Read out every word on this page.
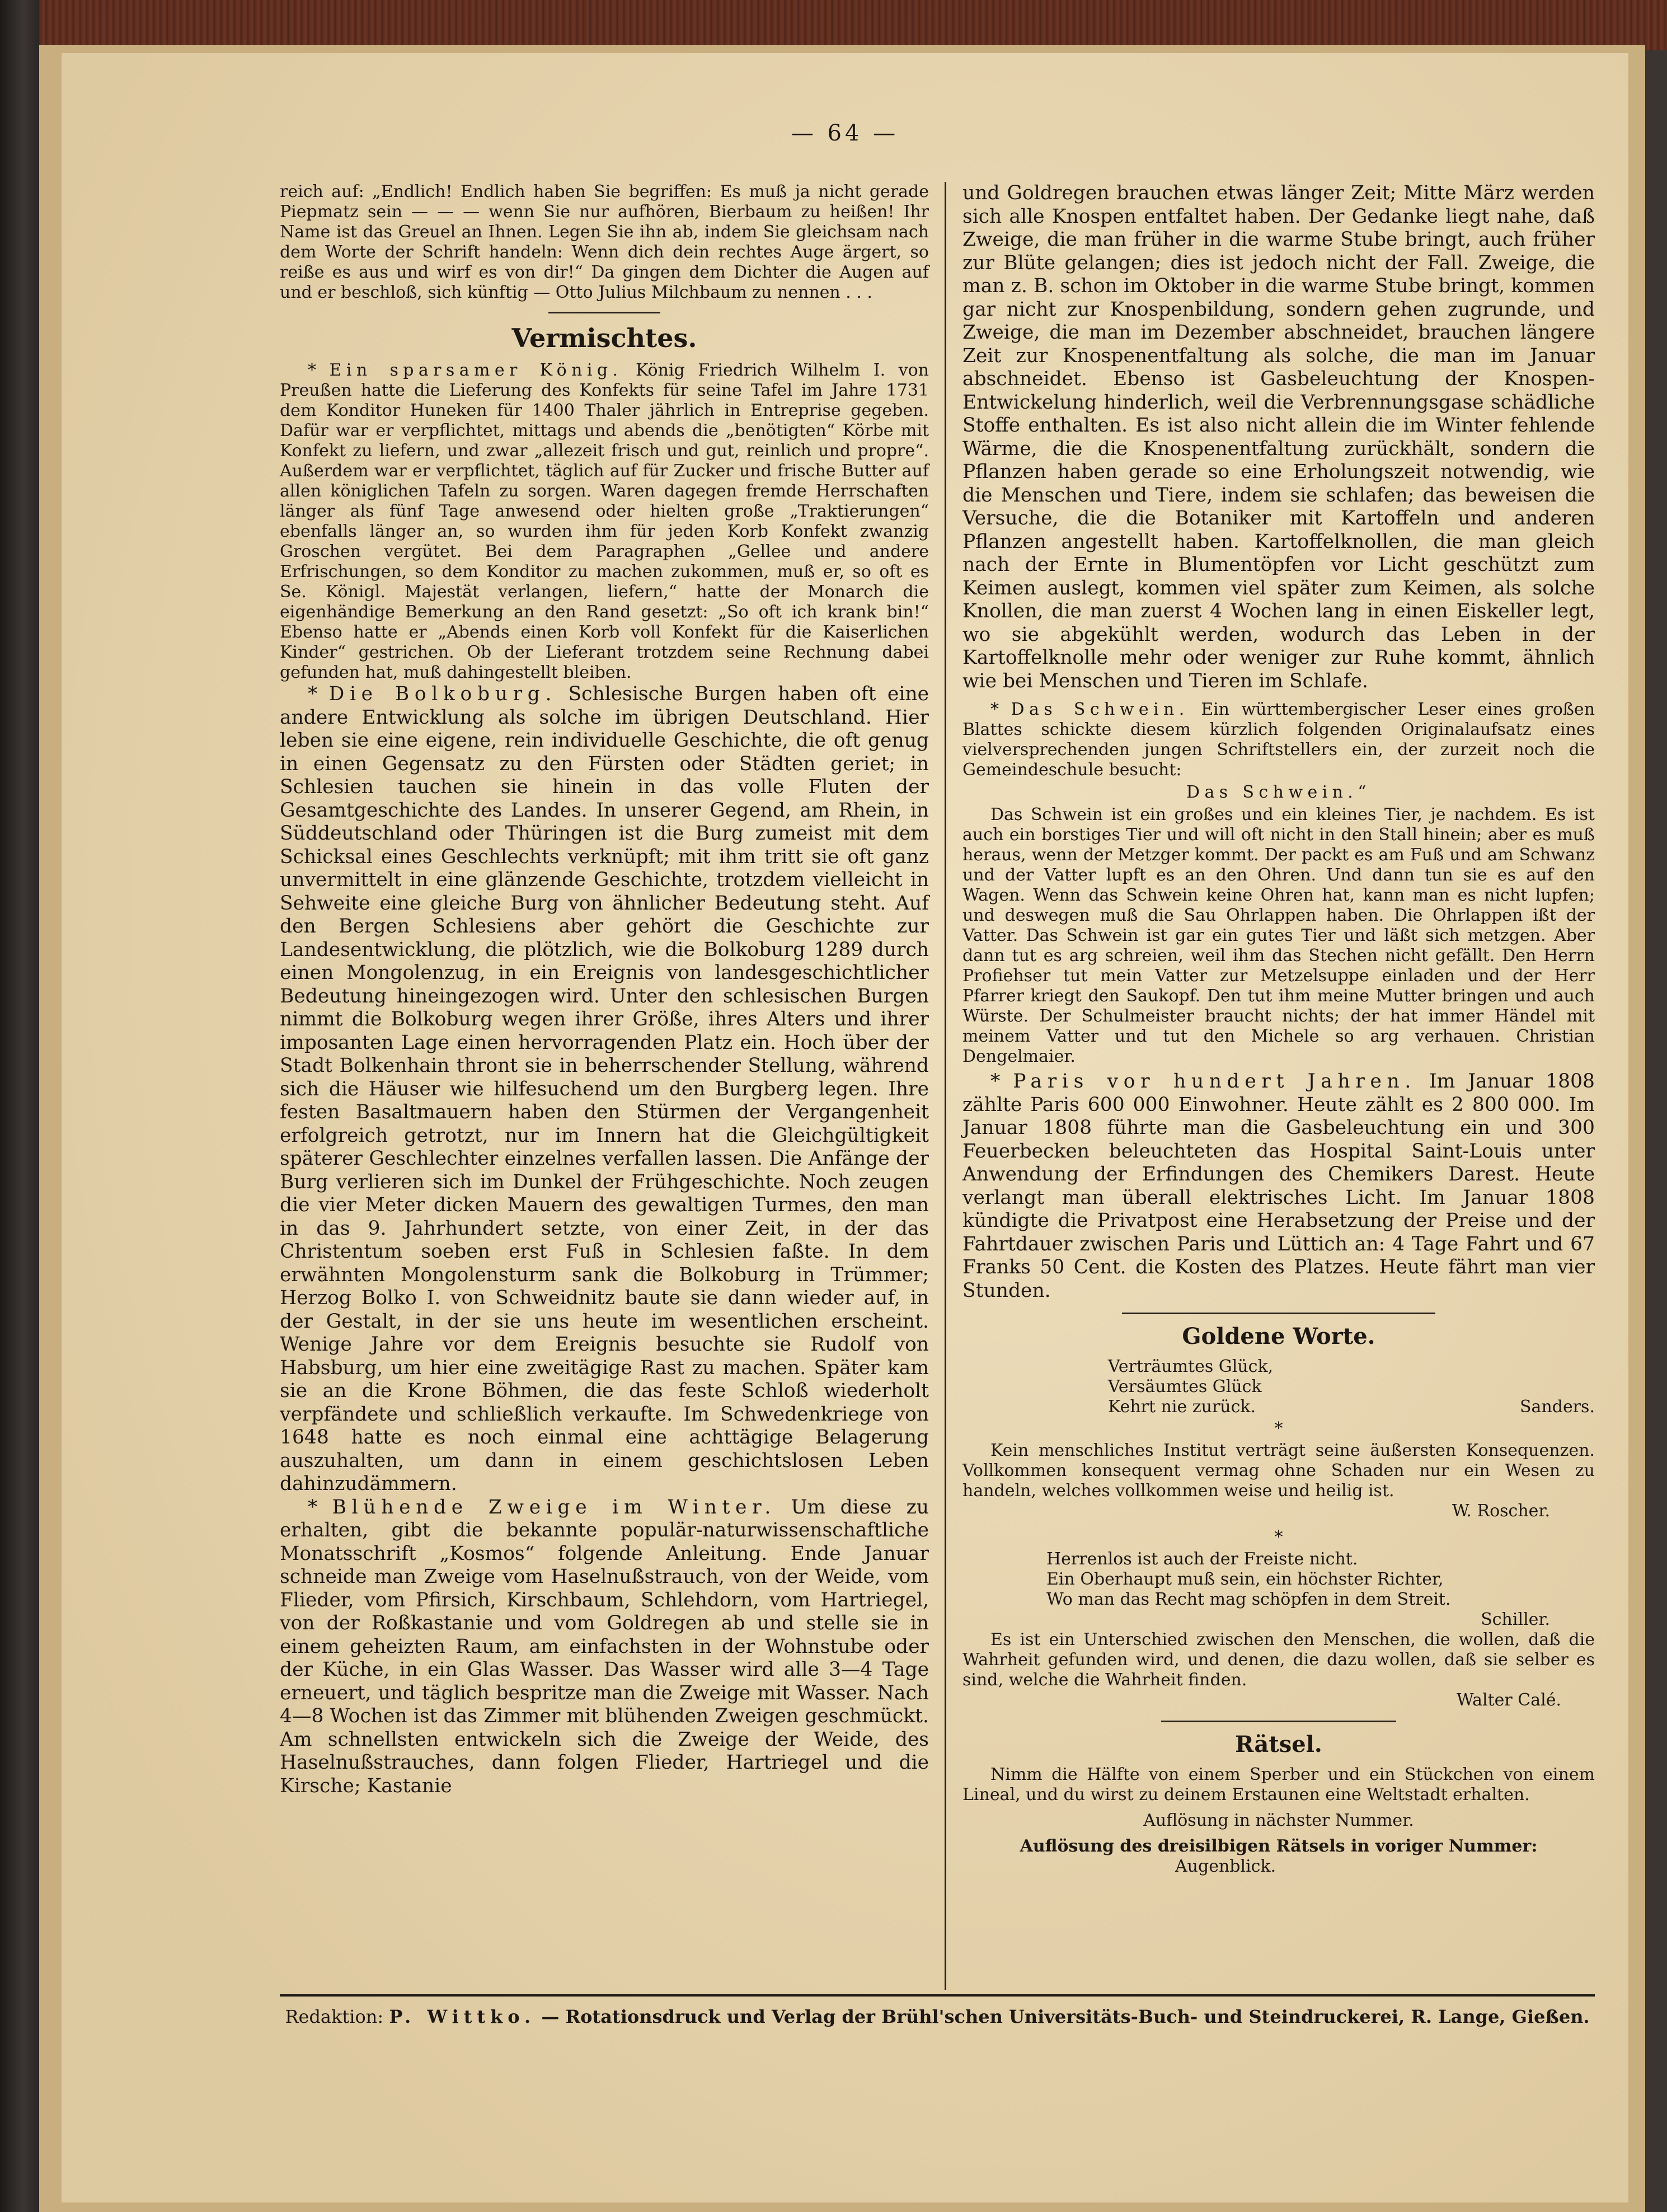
— 64 —

reich auf: „Endlich! Endlich haben Sie begriffen: Es muß ja nicht gerade Piepmatz sein — — — wenn Sie nur aufhören, Bierbaum zu heißen! Ihr Name ist das Greuel an Ihnen. Legen Sie ihn ab, indem Sie gleichsam nach dem Worte der Schrift handeln: Wenn dich dein rechtes Auge ärgert, so reiße es aus und wirf es von dir!“ Da gingen dem Dichter die Augen auf und er beschloß, sich künftig — Otto Julius Milchbaum zu nennen . . .

Vermischtes.

* Ein sparsamer König. König Friedrich Wilhelm I. von Preußen hatte die Lieferung des Konfekts für seine Tafel im Jahre 1731 dem Konditor Huneken für 1400 Thaler jährlich in Entreprise gegeben. Dafür war er verpflichtet, mittags und abends die „benötigten“ Körbe mit Konfekt zu liefern, und zwar „allezeit frisch und gut, reinlich und propre“. Außerdem war er verpflichtet, täglich auf für Zucker und frische Butter auf allen königlichen Tafeln zu sorgen. Waren dagegen fremde Herrschaften länger als fünf Tage anwesend oder hielten große „Traktierungen“ ebenfalls länger an, so wurden ihm für jeden Korb Konfekt zwanzig Groschen vergütet. Bei dem Paragraphen „Gellee und andere Erfrischungen, so dem Konditor zu machen zukommen, muß er, so oft es Se. Königl. Majestät verlangen, liefern,“ hatte der Monarch die eigenhändige Bemerkung an den Rand gesetzt: „So oft ich krank bin!“ Ebenso hatte er „Abends einen Korb voll Konfekt für die Kaiserlichen Kinder“ gestrichen. Ob der Lieferant trotzdem seine Rechnung dabei gefunden hat, muß dahingestellt bleiben.

* Die Bolkoburg. Schlesische Burgen haben oft eine andere Entwicklung als solche im übrigen Deutschland. Hier leben sie eine eigene, rein individuelle Geschichte, die oft genug in einen Gegensatz zu den Fürsten oder Städten geriet; in Schlesien tauchen sie hinein in das volle Fluten der Gesamtgeschichte des Landes. In unserer Gegend, am Rhein, in Süddeutschland oder Thüringen ist die Burg zumeist mit dem Schicksal eines Geschlechts verknüpft; mit ihm tritt sie oft ganz unvermittelt in eine glänzende Geschichte, trotzdem vielleicht in Sehweite eine gleiche Burg von ähnlicher Bedeutung steht. Auf den Bergen Schlesiens aber gehört die Geschichte zur Landesentwicklung, die plötzlich, wie die Bolkoburg 1289 durch einen Mongolenzug, in ein Ereignis von landesgeschichtlicher Bedeutung hineingezogen wird. Unter den schlesischen Burgen nimmt die Bolkoburg wegen ihrer Größe, ihres Alters und ihrer imposanten Lage einen hervorragenden Platz ein. Hoch über der Stadt Bolkenhain thront sie in beherrschender Stellung, während sich die Häuser wie hilfesuchend um den Burgberg legen. Ihre festen Basaltmauern haben den Stürmen der Vergangenheit erfolgreich getrotzt, nur im Innern hat die Gleichgültigkeit späterer Geschlechter einzelnes verfallen lassen. Die Anfänge der Burg verlieren sich im Dunkel der Frühgeschichte. Noch zeugen die vier Meter dicken Mauern des gewaltigen Turmes, den man in das 9. Jahrhundert setzte, von einer Zeit, in der das Christentum soeben erst Fuß in Schlesien faßte. In dem erwähnten Mongolensturm sank die Bolkoburg in Trümmer; Herzog Bolko I. von Schweidnitz baute sie dann wieder auf, in der Gestalt, in der sie uns heute im wesentlichen erscheint. Wenige Jahre vor dem Ereignis besuchte sie Rudolf von Habsburg, um hier eine zweitägige Rast zu machen. Später kam sie an die Krone Böhmen, die das feste Schloß wiederholt verpfändete und schließlich verkaufte. Im Schwedenkriege von 1648 hatte es noch einmal eine achttägige Belagerung auszuhalten, um dann in einem geschichtslosen Leben dahinzudämmern.

* Blühende Zweige im Winter. Um diese zu erhalten, gibt die bekannte populär-naturwissenschaftliche Monatsschrift „Kosmos“ folgende Anleitung. Ende Januar schneide man Zweige vom Haselnußstrauch, von der Weide, vom Flieder, vom Pfirsich, Kirschbaum, Schlehdorn, vom Hartriegel, von der Roßkastanie und vom Goldregen ab und stelle sie in einem geheizten Raum, am einfachsten in der Wohnstube oder der Küche, in ein Glas Wasser. Das Wasser wird alle 3—4 Tage erneuert, und täglich bespritze man die Zweige mit Wasser. Nach 4—8 Wochen ist das Zimmer mit blühenden Zweigen geschmückt. Am schnellsten entwickeln sich die Zweige der Weide, des Haselnußstrauches, dann folgen Flieder, Hartriegel und die Kirsche; Kastanie

und Goldregen brauchen etwas länger Zeit; Mitte März werden sich alle Knospen entfaltet haben. Der Gedanke liegt nahe, daß Zweige, die man früher in die warme Stube bringt, auch früher zur Blüte gelangen; dies ist jedoch nicht der Fall. Zweige, die man z. B. schon im Oktober in die warme Stube bringt, kommen gar nicht zur Knospenbildung, sondern gehen zugrunde, und Zweige, die man im Dezember abschneidet, brauchen längere Zeit zur Knospenentfaltung als solche, die man im Januar abschneidet. Ebenso ist Gasbeleuchtung der Knospen-Entwickelung hinderlich, weil die Verbrennungsgase schädliche Stoffe enthalten. Es ist also nicht allein die im Winter fehlende Wärme, die die Knospenentfaltung zurückhält, sondern die Pflanzen haben gerade so eine Erholungszeit notwendig, wie die Menschen und Tiere, indem sie schlafen; das beweisen die Versuche, die die Botaniker mit Kartoffeln und anderen Pflanzen angestellt haben. Kartoffelknollen, die man gleich nach der Ernte in Blumentöpfen vor Licht geschützt zum Keimen auslegt, kommen viel später zum Keimen, als solche Knollen, die man zuerst 4 Wochen lang in einen Eiskeller legt, wo sie abgekühlt werden, wodurch das Leben in der Kartoffelknolle mehr oder weniger zur Ruhe kommt, ähnlich wie bei Menschen und Tieren im Schlafe.

* Das Schwein. Ein württembergischer Leser eines großen Blattes schickte diesem kürzlich folgenden Originalaufsatz eines vielversprechenden jungen Schriftstellers ein, der zurzeit noch die Gemeindeschule besucht:

Das Schwein.“

Das Schwein ist ein großes und ein kleines Tier, je nachdem. Es ist auch ein borstiges Tier und will oft nicht in den Stall hinein; aber es muß heraus, wenn der Metzger kommt. Der packt es am Fuß und am Schwanz und der Vatter lupft es an den Ohren. Und dann tun sie es auf den Wagen. Wenn das Schwein keine Ohren hat, kann man es nicht lupfen; und deswegen muß die Sau Ohrlappen haben. Die Ohrlappen ißt der Vatter. Das Schwein ist gar ein gutes Tier und läßt sich metzgen. Aber dann tut es arg schreien, weil ihm das Stechen nicht gefällt. Den Herrn Profiehser tut mein Vatter zur Metzelsuppe einladen und der Herr Pfarrer kriegt den Saukopf. Den tut ihm meine Mutter bringen und auch Würste. Der Schulmeister braucht nichts; der hat immer Händel mit meinem Vatter und tut den Michele so arg verhauen. Christian Dengelmaier.

* Paris vor hundert Jahren. Im Januar 1808 zählte Paris 600 000 Einwohner. Heute zählt es 2 800 000. Im Januar 1808 führte man die Gasbeleuchtung ein und 300 Feuerbecken beleuchteten das Hospital Saint-Louis unter Anwendung der Erfindungen des Chemikers Darest. Heute verlangt man überall elektrisches Licht. Im Januar 1808 kündigte die Privatpost eine Herabsetzung der Preise und der Fahrtdauer zwischen Paris und Lüttich an: 4 Tage Fahrt und 67 Franks 50 Cent. die Kosten des Platzes. Heute fährt man vier Stunden.

Goldene Worte.
Verträumtes Glück,
Versäumtes Glück
Kehrt nie zurück.	Sanders.
*

Kein menschliches Institut verträgt seine äußersten Konsequenzen. Vollkommen konsequent vermag ohne Schaden nur ein Wesen zu handeln, welches vollkommen weise und heilig ist.

W. Roscher.
*
Herrenlos ist auch der Freiste nicht.
Ein Oberhaupt muß sein, ein höchster Richter,
Wo man das Recht mag schöpfen in dem Streit.
Schiller.

Es ist ein Unterschied zwischen den Menschen, die wollen, daß die Wahrheit gefunden wird, und denen, die dazu wollen, daß sie selber es sind, welche die Wahrheit finden.

Walter Calé.
Rätsel.

Nimm die Hälfte von einem Sperber und ein Stückchen von einem Lineal, und du wirst zu deinem Erstaunen eine Weltstadt erhalten.

Auflösung in nächster Nummer.
Auflösung des dreisilbigen Rätsels in voriger Nummer:
Augenblick.
Redaktion: P. Wittko. — Rotationsdruck und Verlag der Brühl'schen Universitäts-Buch- und Steindruckerei, R. Lange, Gießen.
